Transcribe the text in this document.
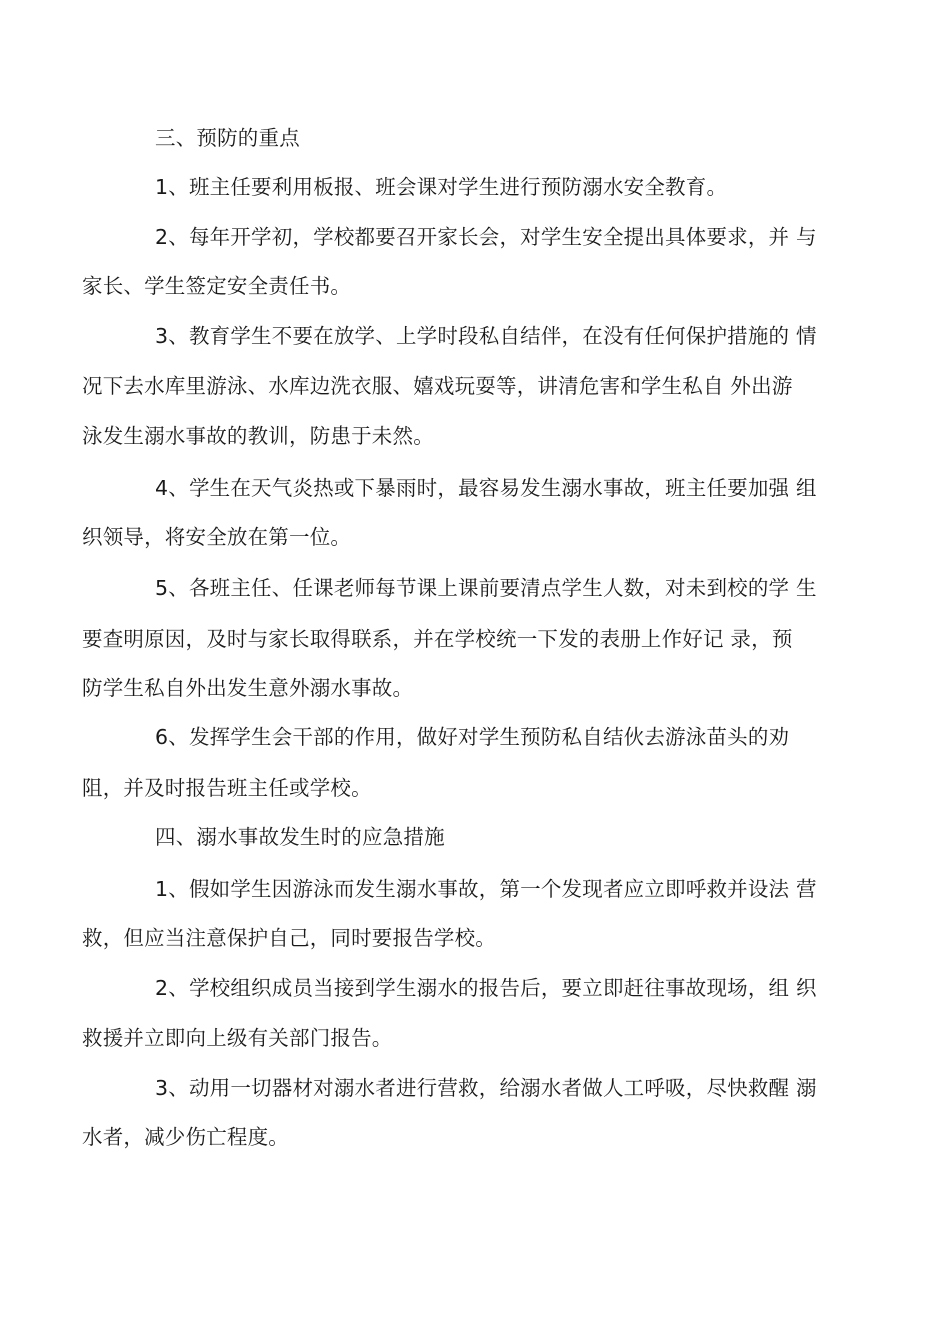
三、预防的重点
1、班主任要利用板报、班会课对学生进行预防溺水安全教育。
2、每年开学初，学校都要召开家长会，对学生安全提出具体要求，并 与
家长、学生签定安全责任书。
3、教育学生不要在放学、上学时段私自结伴，在没有任何保护措施的 情
况下去水库里游泳、水库边洗衣服、嬉戏玩耍等，讲清危害和学生私自 外出游
泳发生溺水事故的教训，防患于未然。
4、学生在天气炎热或下暴雨时，最容易发生溺水事故，班主任要加强 组
织领导，将安全放在第一位。
5、各班主任、任课老师每节课上课前要清点学生人数，对未到校的学 生
要查明原因，及时与家长取得联系，并在学校统一下发的表册上作好记 录，预
防学生私自外出发生意外溺水事故。
6、发挥学生会干部的作用，做好对学生预防私自结伙去游泳苗头的劝
阻，并及时报告班主任或学校。
四、溺水事故发生时的应急措施
1、假如学生因游泳而发生溺水事故，第一个发现者应立即呼救并设法 营
救，但应当注意保护自己，同时要报告学校。
2、学校组织成员当接到学生溺水的报告后，要立即赶往事故现场，组 织
救援并立即向上级有关部门报告。
3、动用一切器材对溺水者进行营救，给溺水者做人工呼吸，尽快救醒 溺
水者，减少伤亡程度。
